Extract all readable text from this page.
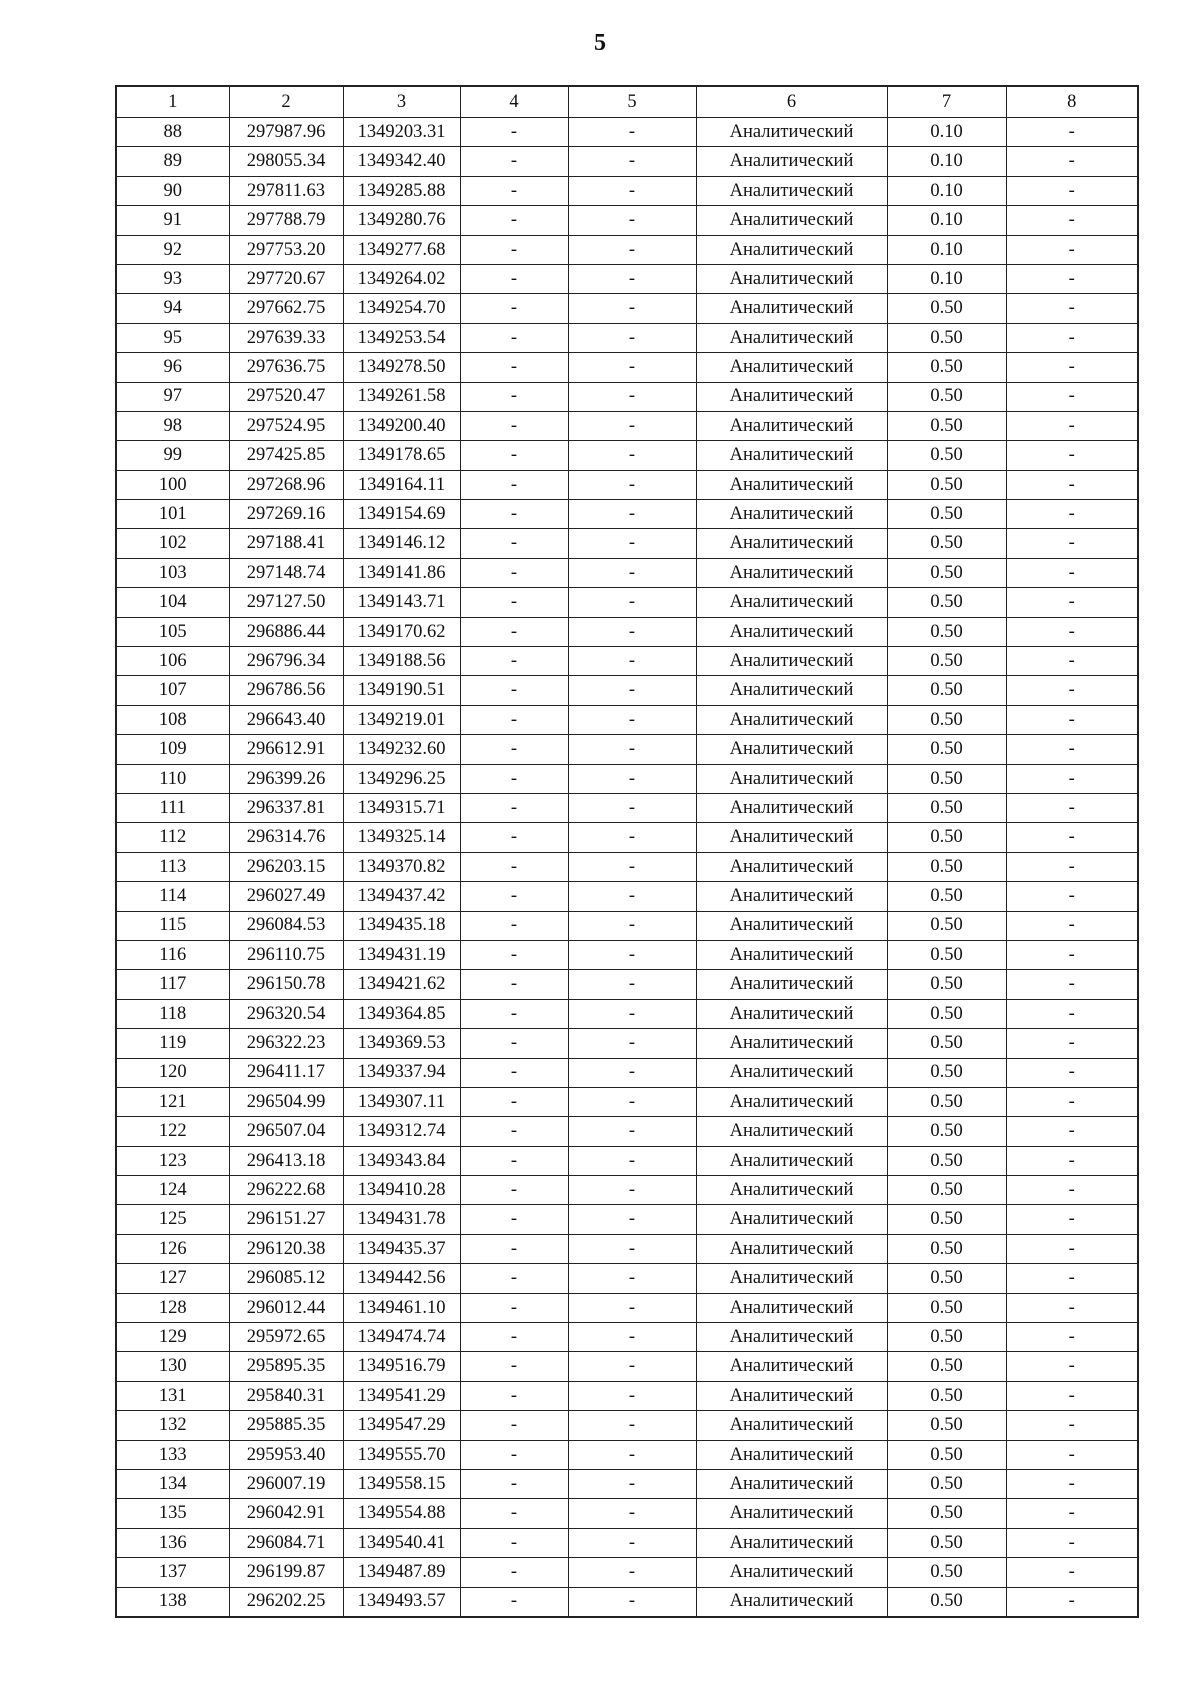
5
1	2	3	4	5	6	7	8
88	297987.96	1349203.31	-	-	Аналитический	0.10	-
89	298055.34	1349342.40	-	-	Аналитический	0.10	-
90	297811.63	1349285.88	-	-	Аналитический	0.10	-
91	297788.79	1349280.76	-	-	Аналитический	0.10	-
92	297753.20	1349277.68	-	-	Аналитический	0.10	-
93	297720.67	1349264.02	-	-	Аналитический	0.10	-
94	297662.75	1349254.70	-	-	Аналитический	0.50	-
95	297639.33	1349253.54	-	-	Аналитический	0.50	-
96	297636.75	1349278.50	-	-	Аналитический	0.50	-
97	297520.47	1349261.58	-	-	Аналитический	0.50	-
98	297524.95	1349200.40	-	-	Аналитический	0.50	-
99	297425.85	1349178.65	-	-	Аналитический	0.50	-
100	297268.96	1349164.11	-	-	Аналитический	0.50	-
101	297269.16	1349154.69	-	-	Аналитический	0.50	-
102	297188.41	1349146.12	-	-	Аналитический	0.50	-
103	297148.74	1349141.86	-	-	Аналитический	0.50	-
104	297127.50	1349143.71	-	-	Аналитический	0.50	-
105	296886.44	1349170.62	-	-	Аналитический	0.50	-
106	296796.34	1349188.56	-	-	Аналитический	0.50	-
107	296786.56	1349190.51	-	-	Аналитический	0.50	-
108	296643.40	1349219.01	-	-	Аналитический	0.50	-
109	296612.91	1349232.60	-	-	Аналитический	0.50	-
110	296399.26	1349296.25	-	-	Аналитический	0.50	-
111	296337.81	1349315.71	-	-	Аналитический	0.50	-
112	296314.76	1349325.14	-	-	Аналитический	0.50	-
113	296203.15	1349370.82	-	-	Аналитический	0.50	-
114	296027.49	1349437.42	-	-	Аналитический	0.50	-
115	296084.53	1349435.18	-	-	Аналитический	0.50	-
116	296110.75	1349431.19	-	-	Аналитический	0.50	-
117	296150.78	1349421.62	-	-	Аналитический	0.50	-
118	296320.54	1349364.85	-	-	Аналитический	0.50	-
119	296322.23	1349369.53	-	-	Аналитический	0.50	-
120	296411.17	1349337.94	-	-	Аналитический	0.50	-
121	296504.99	1349307.11	-	-	Аналитический	0.50	-
122	296507.04	1349312.74	-	-	Аналитический	0.50	-
123	296413.18	1349343.84	-	-	Аналитический	0.50	-
124	296222.68	1349410.28	-	-	Аналитический	0.50	-
125	296151.27	1349431.78	-	-	Аналитический	0.50	-
126	296120.38	1349435.37	-	-	Аналитический	0.50	-
127	296085.12	1349442.56	-	-	Аналитический	0.50	-
128	296012.44	1349461.10	-	-	Аналитический	0.50	-
129	295972.65	1349474.74	-	-	Аналитический	0.50	-
130	295895.35	1349516.79	-	-	Аналитический	0.50	-
131	295840.31	1349541.29	-	-	Аналитический	0.50	-
132	295885.35	1349547.29	-	-	Аналитический	0.50	-
133	295953.40	1349555.70	-	-	Аналитический	0.50	-
134	296007.19	1349558.15	-	-	Аналитический	0.50	-
135	296042.91	1349554.88	-	-	Аналитический	0.50	-
136	296084.71	1349540.41	-	-	Аналитический	0.50	-
137	296199.87	1349487.89	-	-	Аналитический	0.50	-
138	296202.25	1349493.57	-	-	Аналитический	0.50	-
